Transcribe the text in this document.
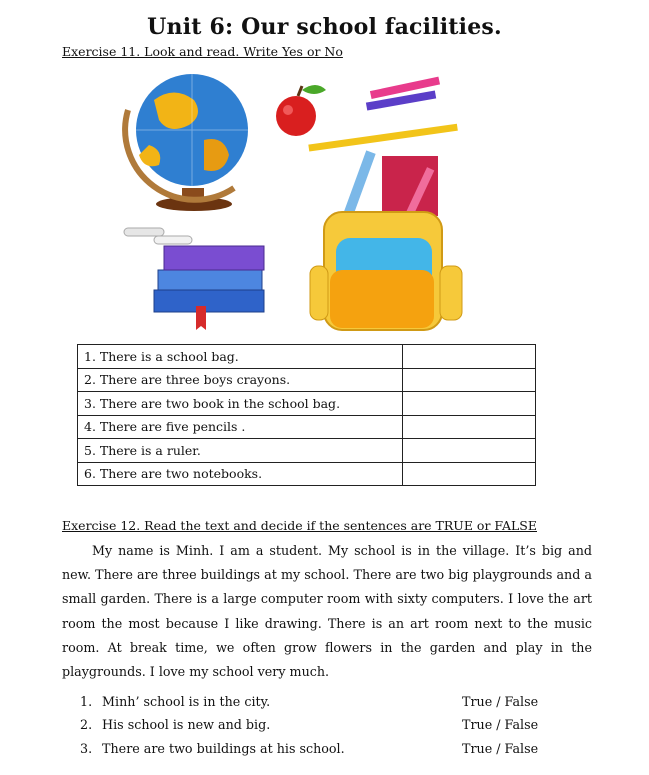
Unit 6: Our school facilities.
Exercise 11. Look and read. Write Yes or No
1. There is a school bag.	
2. There are three boys crayons.	
3. There are two book in the school bag.	
4. There are five pencils .	
5. There is a ruler.	
6. There are two notebooks.	
Exercise 12. Read the text and decide if the sentences are TRUE or FALSE

My name is Minh. I am a student. My school is in the village. It’s big and new. There are three buildings at my school. There are two big playgrounds and a small garden. There is a large computer room with sixty computers. I love the art room the most because I like drawing. There is an art room next to the music room. At break time, we often grow flowers in the garden and play in the playgrounds. I love my school very much.

1. Minh’ school is in the city.	True / False
2. His school is new and big.	True / False
3. There are two buildings at his school.	True / False
